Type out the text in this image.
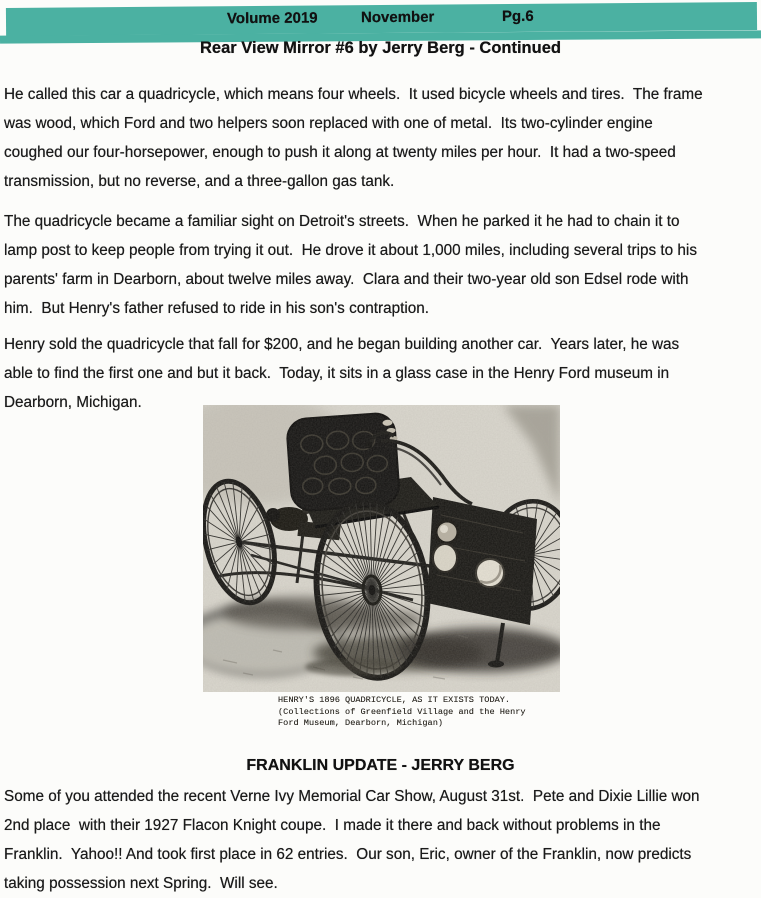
Volume 2019	November	Pg.6
Rear View Mirror #6 by Jerry Berg - Continued
He called this car a quadricycle, which means four wheels.  It used bicycle wheels and tires.  The frame
was wood, which Ford and two helpers soon replaced with one of metal.  Its two-cylinder engine
coughed our four-horsepower, enough to push it along at twenty miles per hour.  It had a two-speed
transmission, but no reverse, and a three-gallon gas tank.
The quadricycle became a familiar sight on Detroit's streets.  When he parked it he had to chain it to
lamp post to keep people from trying it out.  He drove it about 1,000 miles, including several trips to his
parents' farm in Dearborn, about twelve miles away.  Clara and their two-year old son Edsel rode with
him.  But Henry's father refused to ride in his son's contraption.
Henry sold the quadricycle that fall for $200, and he began building another car.  Years later, he was
able to find the first one and but it back.  Today, it sits in a glass case in the Henry Ford museum in
Dearborn, Michigan.
HENRY'S 1896 QUADRICYCLE, AS IT EXISTS TODAY.
(Collections of Greenfield Village and the Henry
Ford Museum, Dearborn, Michigan)
FRANKLIN UPDATE - JERRY BERG
Some of you attended the recent Verne Ivy Memorial Car Show, August 31st.  Pete and Dixie Lillie won
2nd place  with their 1927 Flacon Knight coupe.  I made it there and back without problems in the
Franklin.  Yahoo!! And took first place in 62 entries.  Our son, Eric, owner of the Franklin, now predicts
taking possession next Spring.  Will see.
